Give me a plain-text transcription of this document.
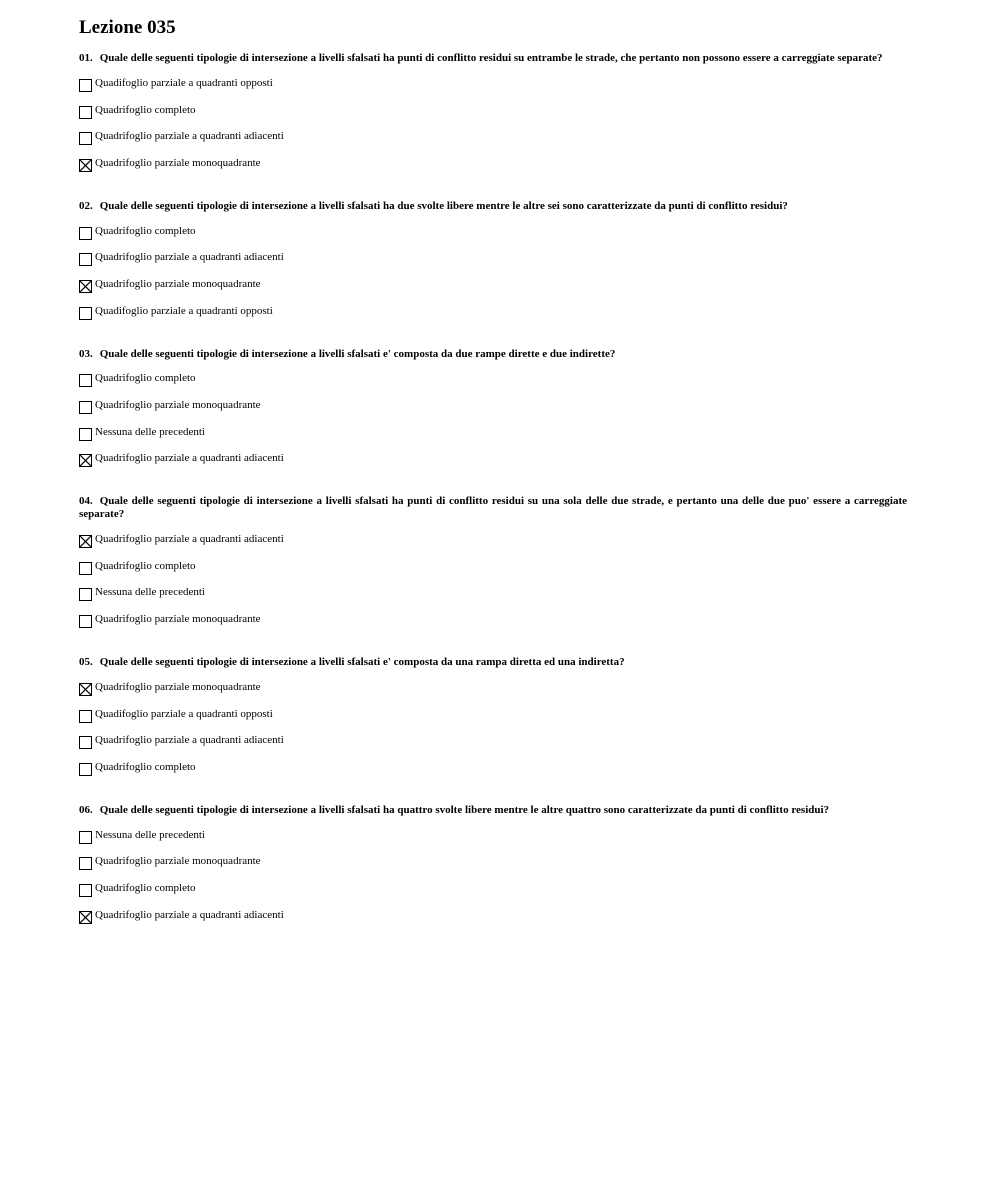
Lezione 035
01. Quale delle seguenti tipologie di intersezione a livelli sfalsati ha punti di conflitto residui su entrambe le strade, che pertanto non possono essere a carreggiate separate?
Quadifoglio parziale a quadranti opposti
Quadrifoglio completo
Quadrifoglio parziale a quadranti adiacenti
Quadrifoglio parziale monoquadrante
02. Quale delle seguenti tipologie di intersezione a livelli sfalsati ha due svolte libere mentre le altre sei sono caratterizzate da punti di conflitto residui?
Quadrifoglio completo
Quadrifoglio parziale a quadranti adiacenti
Quadrifoglio parziale monoquadrante
Quadifoglio parziale a quadranti opposti
03. Quale delle seguenti tipologie di intersezione a livelli sfalsati e' composta da due rampe dirette e due indirette?
Quadrifoglio completo
Quadrifoglio parziale monoquadrante
Nessuna delle precedenti
Quadrifoglio parziale a quadranti adiacenti
04. Quale delle seguenti tipologie di intersezione a livelli sfalsati ha punti di conflitto residui su una sola delle due strade, e pertanto una delle due puo' essere a carreggiate separate?
Quadrifoglio parziale a quadranti adiacenti
Quadrifoglio completo
Nessuna delle precedenti
Quadrifoglio parziale monoquadrante
05. Quale delle seguenti tipologie di intersezione a livelli sfalsati e' composta da una rampa diretta ed una indiretta?
Quadrifoglio parziale monoquadrante
Quadifoglio parziale a quadranti opposti
Quadrifoglio parziale a quadranti adiacenti
Quadrifoglio completo
06. Quale delle seguenti tipologie di intersezione a livelli sfalsati ha quattro svolte libere mentre le altre quattro sono caratterizzate da punti di conflitto residui?
Nessuna delle precedenti
Quadrifoglio parziale monoquadrante
Quadrifoglio completo
Quadrifoglio parziale a quadranti adiacenti
